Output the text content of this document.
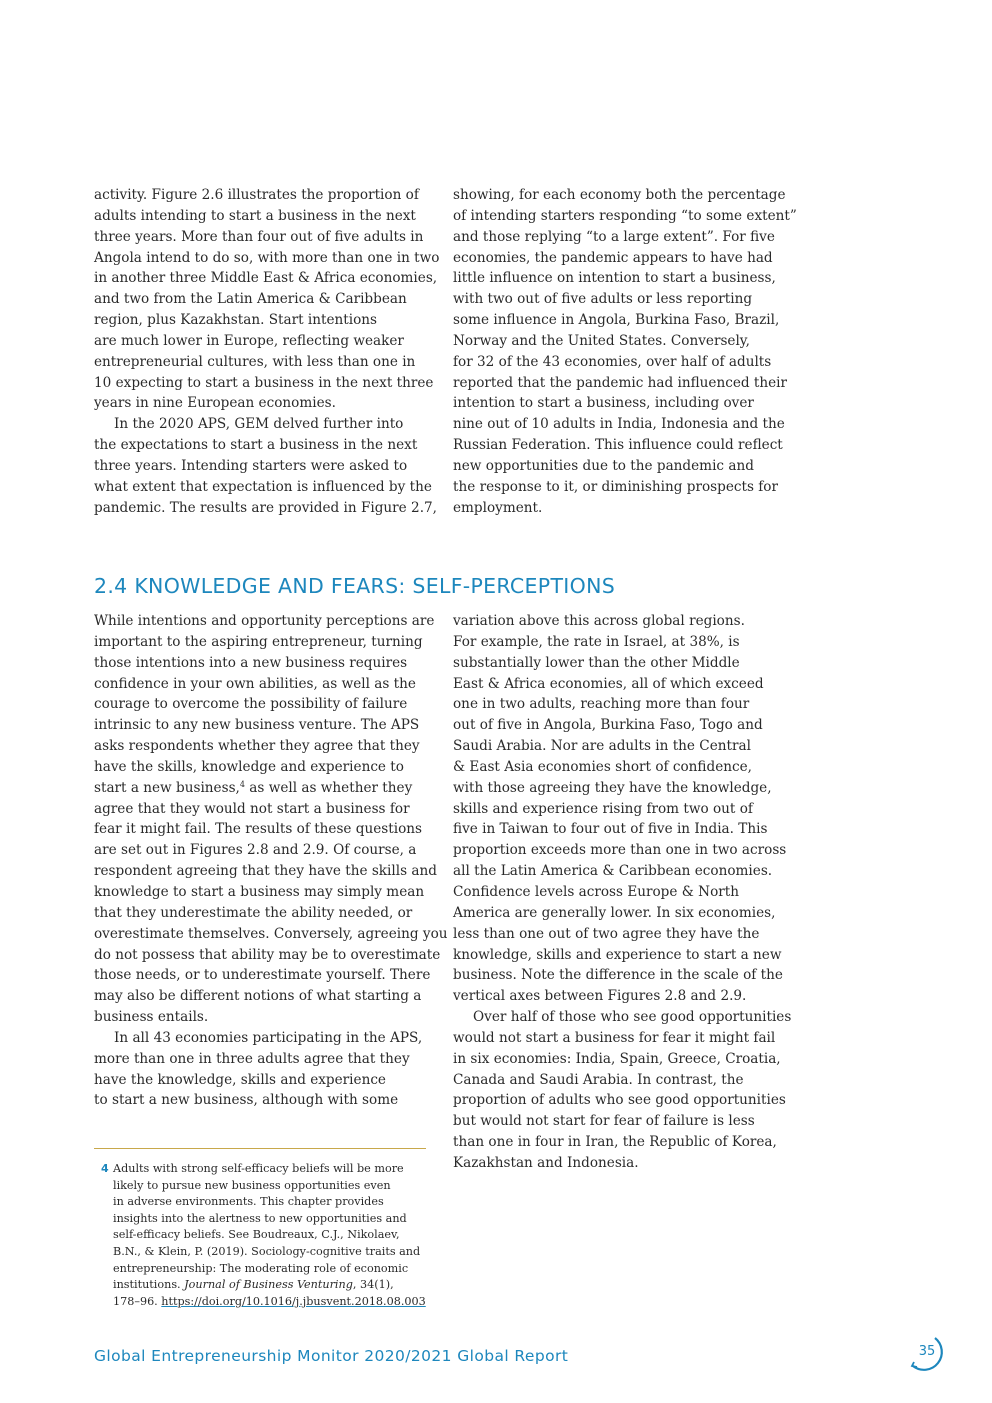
activity. Figure 2.6 illustrates the proportion of
adults intending to start a business in the next
three years. More than four out of five adults in
Angola intend to do so, with more than one in two
in another three Middle East & Africa economies,
and two from the Latin America & Caribbean
region, plus Kazakhstan. Start intentions
are much lower in Europe, reflecting weaker
entrepreneurial cultures, with less than one in
10 expecting to start a business in the next three
years in nine European economies.
In the 2020 APS, GEM delved further into
the expectations to start a business in the next
three years. Intending starters were asked to
what extent that expectation is influenced by the
pandemic. The results are provided in Figure 2.7,
showing, for each economy both the percentage
of intending starters responding “to some extent”
and those replying “to a large extent”. For five
economies, the pandemic appears to have had
little influence on intention to start a business,
with two out of five adults or less reporting
some influence in Angola, Burkina Faso, Brazil,
Norway and the United States. Conversely,
for 32 of the 43 economies, over half of adults
reported that the pandemic had influenced their
intention to start a business, including over
nine out of 10 adults in India, Indonesia and the
Russian Federation. This influence could reflect
new opportunities due to the pandemic and
the response to it, or diminishing prospects for
employment.
2.4 KNOWLEDGE AND FEARS: SELF-PERCEPTIONS
While intentions and opportunity perceptions are
important to the aspiring entrepreneur, turning
those intentions into a new business requires
confidence in your own abilities, as well as the
courage to overcome the possibility of failure
intrinsic to any new business venture. The APS
asks respondents whether they agree that they
have the skills, knowledge and experience to
start a new business,$^4$ as well as whether they
agree that they would not start a business for
fear it might fail. The results of these questions
are set out in Figures 2.8 and 2.9. Of course, a
respondent agreeing that they have the skills and
knowledge to start a business may simply mean
that they underestimate the ability needed, or
overestimate themselves. Conversely, agreeing you
do not possess that ability may be to overestimate
those needs, or to underestimate yourself. There
may also be different notions of what starting a
business entails.
In all 43 economies participating in the APS,
more than one in three adults agree that they
have the knowledge, skills and experience
to start a new business, although with some
variation above this across global regions.
For example, the rate in Israel, at 38%, is
substantially lower than the other Middle
East & Africa economies, all of which exceed
one in two adults, reaching more than four
out of five in Angola, Burkina Faso, Togo and
Saudi Arabia. Nor are adults in the Central
& East Asia economies short of confidence,
with those agreeing they have the knowledge,
skills and experience rising from two out of
five in Taiwan to four out of five in India. This
proportion exceeds more than one in two across
all the Latin America & Caribbean economies.
Confidence levels across Europe & North
America are generally lower. In six economies,
less than one out of two agree they have the
knowledge, skills and experience to start a new
business. Note the difference in the scale of the
vertical axes between Figures 2.8 and 2.9.
Over half of those who see good opportunities
would not start a business for fear it might fail
in six economies: India, Spain, Greece, Croatia,
Canada and Saudi Arabia. In contrast, the
proportion of adults who see good opportunities
but would not start for fear of failure is less
than one in four in Iran, the Republic of Korea,
Kazakhstan and Indonesia.
4 Adults with strong self-efficacy beliefs will be more
likely to pursue new business opportunities even
in adverse environments. This chapter provides
insights into the alertness to new opportunities and
self-efficacy beliefs. See Boudreaux, C.J., Nikolaev,
B.N., & Klein, P. (2019). Sociology-cognitive traits and
entrepreneurship: The moderating role of economic
institutions. Journal of Business Venturing, 34(1),
178–96. https://doi.org/10.1016/j.jbusvent.2018.08.003
Global Entrepreneurship Monitor 2020/2021 Global Report	35
